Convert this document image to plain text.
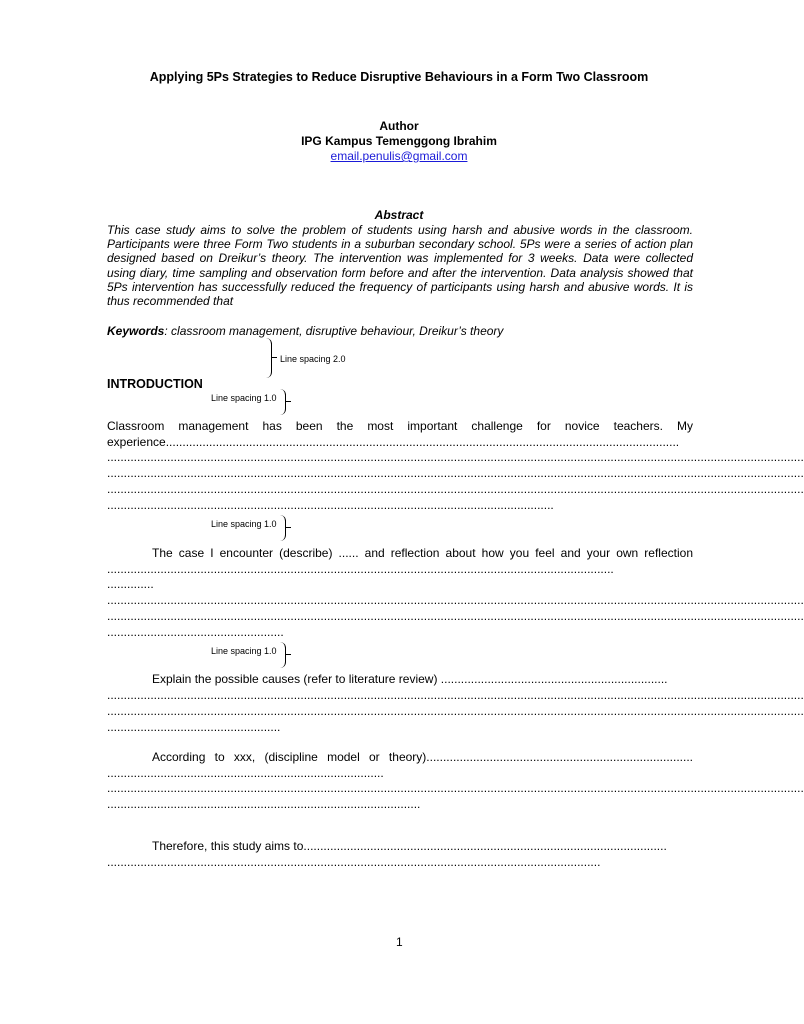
Applying 5Ps Strategies to Reduce Disruptive Behaviours in a Form Two Classroom
Author
IPG Kampus Temenggong Ibrahim
email.penulis@gmail.com
Abstract
This case study aims to solve the problem of students using harsh and abusive words in the classroom. Participants were three Form Two students in a suburban secondary school. 5Ps were a series of action plan designed based on Dreikur’s theory. The intervention was implemented for 3 weeks. Data were collected using diary, time sampling and observation form before and after the intervention. Data analysis showed that 5Ps intervention has successfully reduced the frequency of participants using harsh and abusive words. It is thus recommended that
Keywords: classroom management, disruptive behaviour, Dreikur’s theory
Line spacing 2.0
INTRODUCTION
Line spacing 1.0
Classroom management has been the most important challenge for novice teachers. My experience..........................................................................................................................................................
.................................................................................................................................................................................................................
.................................................................................................................................................................................................................
.................................................................................................................................................................................................................
......................................................................................................................................
Line spacing 1.0
The case I encounter (describe) ...... and reflection about how you feel and your own reflection ........................................................................................................................................................
..............
.................................................................................................................................................................................................................
.................................................................................................................................................................................................................
.....................................................
Line spacing 1.0
Explain the possible causes (refer to literature review) ....................................................................
.................................................................................................................................................................................................................
.................................................................................................................................................................................................................
....................................................
According to xxx, (discipline model or theory)................................................................................ ...................................................................................
.................................................................................................................................................................................................................
..............................................................................................
Therefore, this study aims to.............................................................................................................
....................................................................................................................................................
1
